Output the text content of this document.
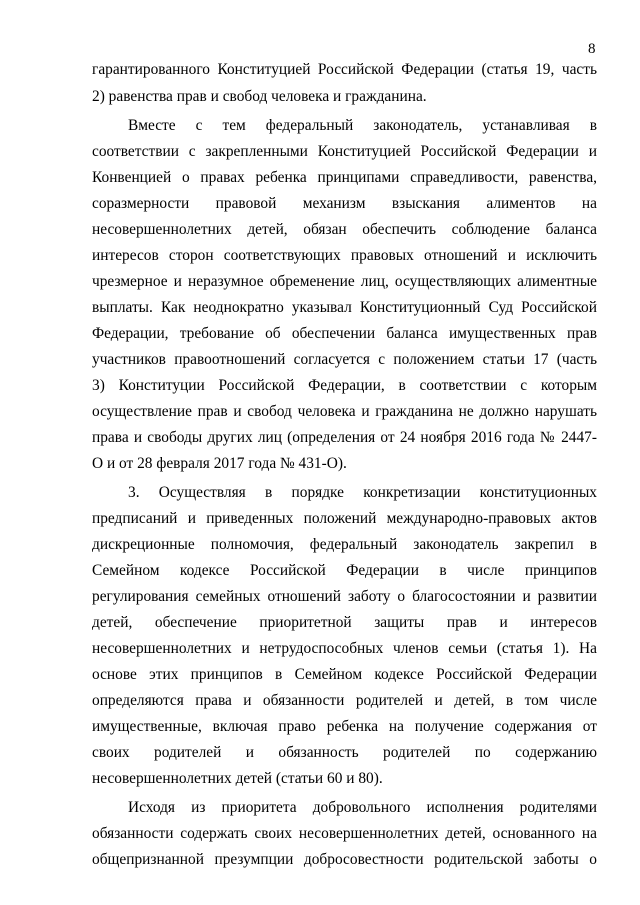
8
гарантированного Конституцией Российской Федерации (статья 19, часть
2) равенства прав и свобод человека и гражданина.
Вместе с тем федеральный законодатель, устанавливая в
соответствии с закрепленными Конституцией Российской Федерации и
Конвенцией о правах ребенка принципами справедливости, равенства,
соразмерности правовой механизм взыскания алиментов на
несовершеннолетних детей, обязан обеспечить соблюдение баланса
интересов сторон соответствующих правовых отношений и исключить
чрезмерное и неразумное обременение лиц, осуществляющих алиментные
выплаты. Как неоднократно указывал Конституционный Суд Российской
Федерации, требование об обеспечении баланса имущественных прав
участников правоотношений согласуется с положением статьи 17 (часть
3) Конституции Российской Федерации, в соответствии с которым
осуществление прав и свобод человека и гражданина не должно нарушать
права и свободы других лиц (определения от 24 ноября 2016 года № 2447-
О и от 28 февраля 2017 года № 431-О).
3. Осуществляя в порядке конкретизации конституционных
предписаний и приведенных положений международно-правовых актов
дискреционные полномочия, федеральный законодатель закрепил в
Семейном кодексе Российской Федерации в числе принципов
регулирования семейных отношений заботу о благосостоянии и развитии
детей, обеспечение приоритетной защиты прав и интересов
несовершеннолетних и нетрудоспособных членов семьи (статья 1). На
основе этих принципов в Семейном кодексе Российской Федерации
определяются права и обязанности родителей и детей, в том числе
имущественные, включая право ребенка на получение содержания от
своих родителей и обязанность родителей по содержанию
несовершеннолетних детей (статьи 60 и 80).
Исходя из приоритета добровольного исполнения родителями
обязанности содержать своих несовершеннолетних детей, основанного на
общепризнанной презумпции добросовестности родительской заботы о
